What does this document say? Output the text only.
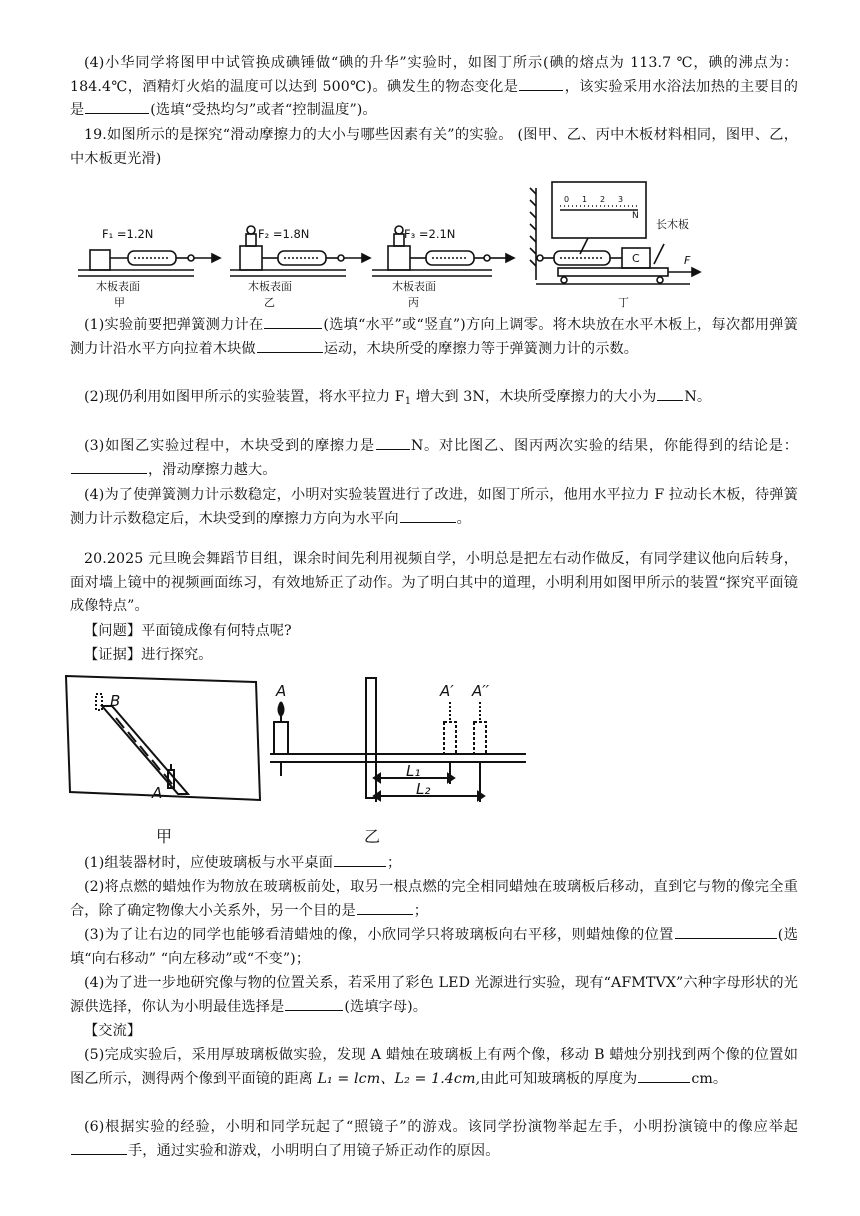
(4)小华同学将图甲中试管换成碘锤做“碘的升华”实验时，如图丁所示(碘的熔点为 113.7 ℃，碘的沸点为：184.4℃，酒精灯火焰的温度可以达到 500℃)。碘发生的物态变化是	，该实验采用水浴法加热的主要目的是	(选填“受热均匀”或者“控制温度”)。
19.如图所示的是探究“滑动摩擦力的大小与哪些因素有关”的实验。 (图甲、乙、丙中木板材料相同，图甲、乙，中木板更光滑)
F₁ =1.2N	F₂ =1.8N	F₃ =2.1N
木板表面	木板表面	木板表面
甲	乙	丙	丁
长木板
C	F
N
0 1 2 3
(1)实验前要把弹簧测力计在	(选填“水平”或“竖直”)方向上调零。将木块放在水平木板上，每次都用弹簧测力计沿水平方向拉着木块做	运动，木块所受的摩擦力等于弹簧测力计的示数。
(2)现仍利用如图甲所示的实验装置，将水平拉力 $F_1$ 增大到 3N，木块所受摩擦力的大小为 N。
(3)如图乙实验过程中，木块受到的摩擦力是	N。对比图乙、图丙两次实验的结果，你能得到的结论是：，滑动摩擦力越大。
(4)为了使弹簧测力计示数稳定，小明对实验装置进行了改进，如图丁所示，他用水平拉力 F 拉动长木板，待弹簧测力计示数稳定后，木块受到的摩擦力方向为水平向	。
20.2025 元旦晚会舞蹈节目组，课余时间先利用视频自学，小明总是把左右动作做反，有同学建议他向后转身，面对墙上镜中的视频画面练习，有效地矫正了动作。为了明白其中的道理，小明利用如图甲所示的装置“探究平面镜成像特点”。
【问题】平面镜成像有何特点呢?
【证据】进行探究。
B
A
A	A′ A′′
L₁
L₂
甲	乙
(1)组装器材时，应使玻璃板与水平桌面	；
(2)将点燃的蜡烛作为物放在玻璃板前处，取另一根点燃的完全相同蜡烛在玻璃板后移动，直到它与物的像完全重合，除了确定物像大小关系外，另一个目的是	；
(3)为了让右边的同学也能够看清蜡烛的像，小欣同学只将玻璃板向右平移，则蜡烛像的位置	(选填“向右移动” “向左移动”或“不变”)；
(4)为了进一步地研究像与物的位置关系，若采用了彩色 LED 光源进行实验，现有“AFMTVX”六种字母形状的光源供选择，你认为小明最佳选择是	(选填字母)。
【交流】
(5)完成实验后，采用厚玻璃板做实验，发现 A 蜡烛在玻璃板上有两个像，移动 B 蜡烛分别找到两个像的位置如图乙所示，测得两个像到平面镜的距离 L₁ = lcm、L₂ = 1.4cm,由此可知玻璃板的厚度为	cm。
(6)根据实验的经验，小明和同学玩起了“照镜子”的游戏。该同学扮演物举起左手，小明扮演镜中的像应举起手，通过实验和游戏，小明明白了用镜子矫正动作的原因。
